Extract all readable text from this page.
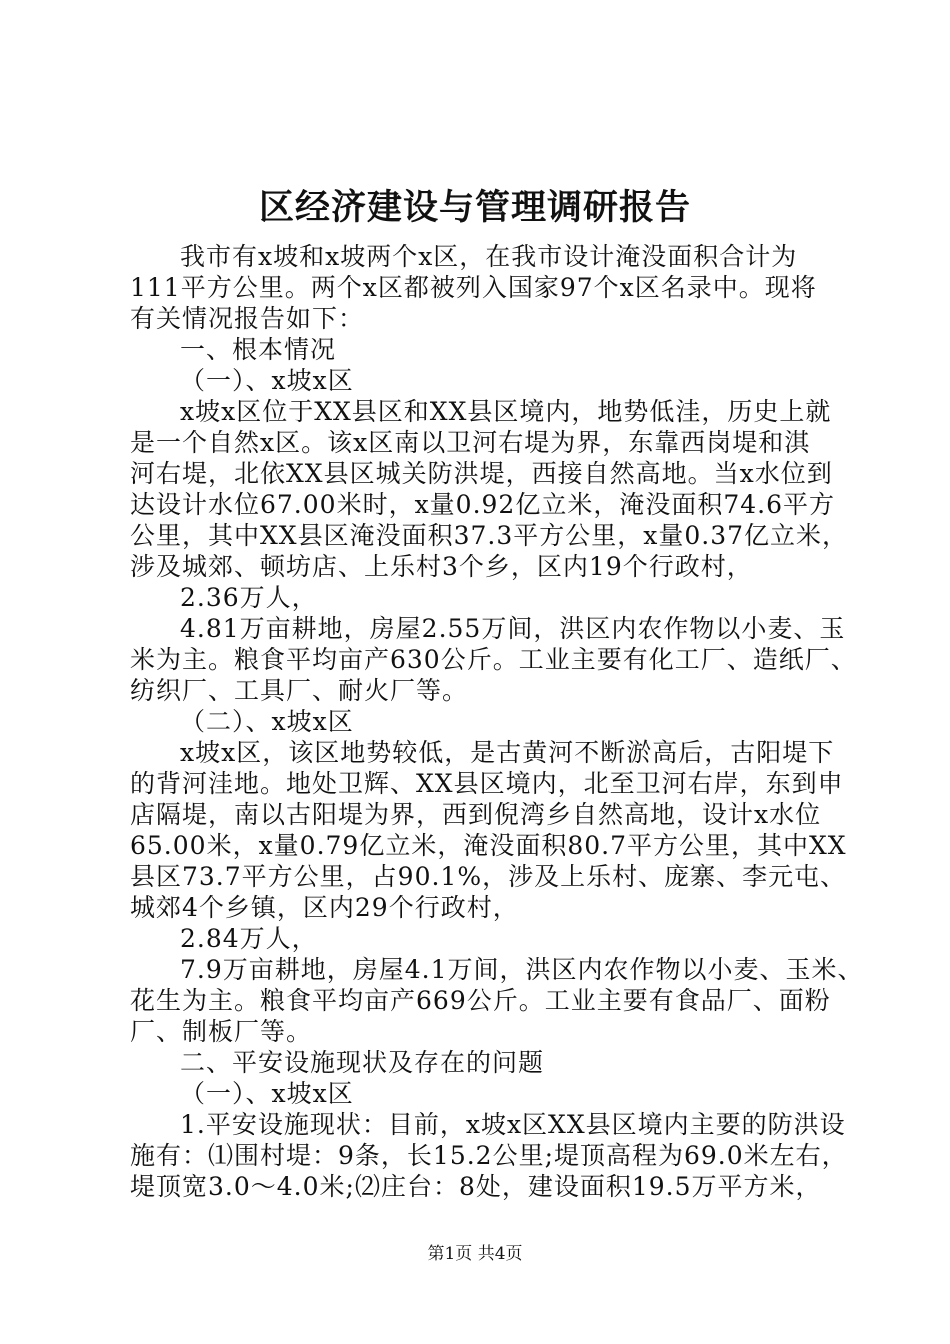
区经济建设与管理调研报告
我市有x坡和x坡两个x区，在我市设计淹没面积合计为
111平方公里。两个x区都被列入国家97个x区名录中。现将
有关情况报告如下：
一、根本情况
（一）、x坡x区
x坡x区位于XX县区和XX县区境内，地势低洼，历史上就
是一个自然x区。该x区南以卫河右堤为界，东靠西岗堤和淇
河右堤，北依XX县区城关防洪堤，西接自然高地。当x水位到
达设计水位67.00米时，x量0.92亿立米，淹没面积74.6平方
公里，其中XX县区淹没面积37.3平方公里，x量0.37亿立米，
涉及城郊、顿坊店、上乐村3个乡，区内19个行政村，
2.36万人，
4.81万亩耕地，房屋2.55万间，洪区内农作物以小麦、玉
米为主。粮食平均亩产630公斤。工业主要有化工厂、造纸厂、
纺织厂、工具厂、耐火厂等。
（二）、x坡x区
x坡x区，该区地势较低，是古黄河不断淤高后，古阳堤下
的背河洼地。地处卫辉、XX县区境内，北至卫河右岸，东到申
店隔堤，南以古阳堤为界，西到倪湾乡自然高地，设计x水位
65.00米，x量0.79亿立米，淹没面积80.7平方公里，其中XX
县区73.7平方公里，占90.1%，涉及上乐村、庞寨、李元屯、
城郊4个乡镇，区内29个行政村，
2.84万人，
7.9万亩耕地，房屋4.1万间，洪区内农作物以小麦、玉米、
花生为主。粮食平均亩产669公斤。工业主要有食品厂、面粉
厂、制板厂等。
二、平安设施现状及存在的问题
（一）、x坡x区
1.平安设施现状：目前，x坡x区XX县区境内主要的防洪设
施有：⑴围村堤：9条，长15.2公里;堤顶高程为69.0米左右，
堤顶宽3.0～4.0米;⑵庄台：8处，建设面积19.5万平方米，
第1页 共4页
